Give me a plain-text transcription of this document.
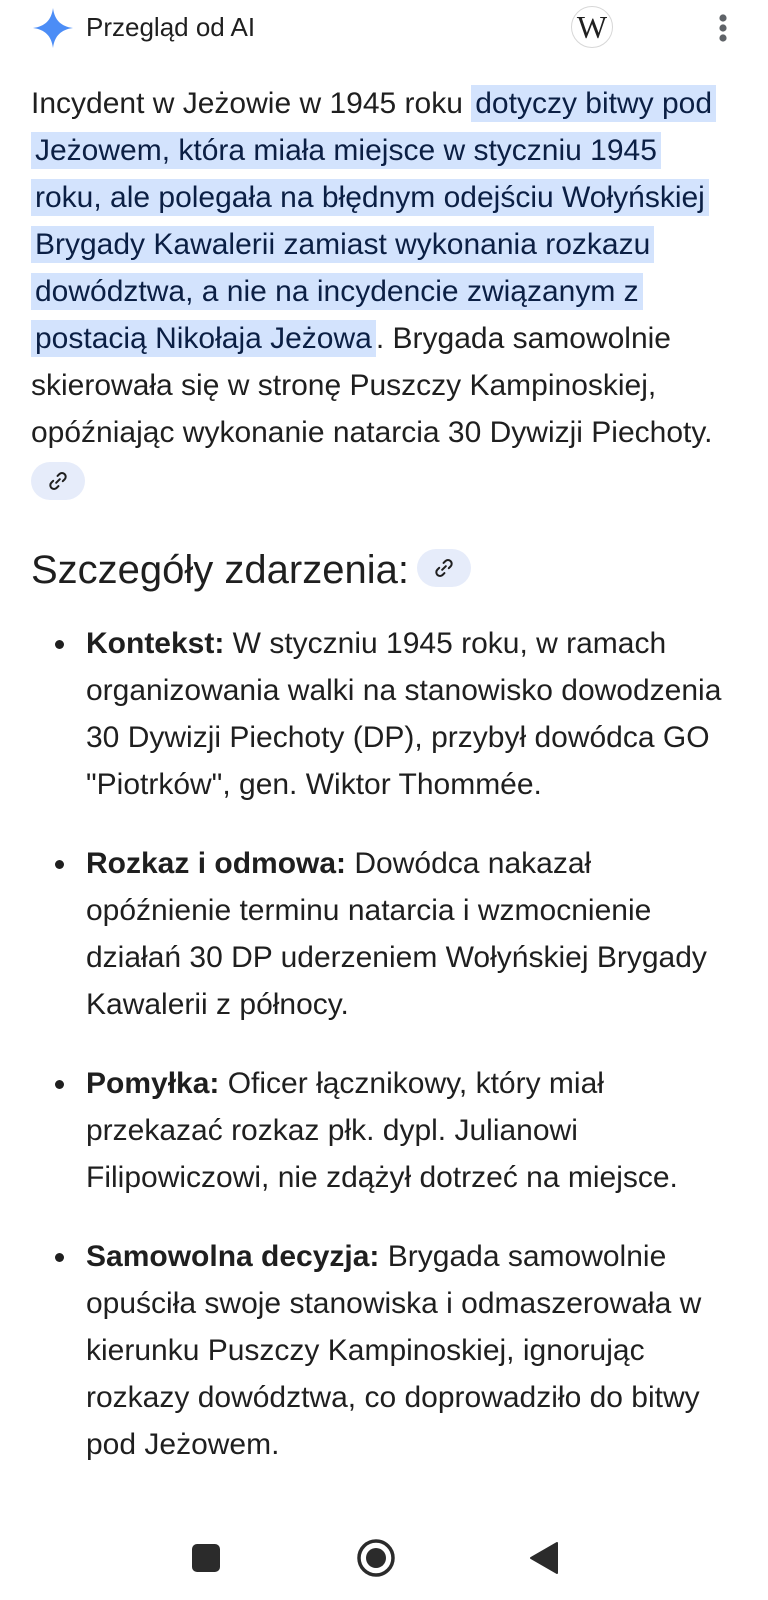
Przegląd od AI	W
Incydent w Jeżowie w 1945 roku dotyczy bitwy pod Jeżowem, która miała miejsce w styczniu 1945 roku, ale polegała na błędnym odejściu Wołyńskiej Brygady Kawalerii zamiast wykonania rozkazu dowództwa, a nie na incydencie związanym z postacią Nikołaja Jeżowa . Brygada samowolnie skierowała się w stronę Puszczy Kampinoskiej, opóźniając wykonanie natarcia 30 Dywizji Piechoty.
Szczegóły zdarzenia:
Kontekst: W styczniu 1945 roku, w ramach organizowania walki na stanowisko dowodzenia 30 Dywizji Piechoty (DP), przybył dowódca GO "Piotrków", gen. Wiktor Thommée.
Rozkaz i odmowa: Dowódca nakazał opóźnienie terminu natarcia i wzmocnienie działań 30 DP uderzeniem Wołyńskiej Brygady Kawalerii z północy.
Pomyłka: Oficer łącznikowy, który miał przekazać rozkaz płk. dypl. Julianowi Filipowiczowi, nie zdążył dotrzeć na miejsce.
Samowolna decyzja: Brygada samowolnie opuściła swoje stanowiska i odmaszerowała w kierunku Puszczy Kampinoskiej, ignorując rozkazy dowództwa, co doprowadziło do bitwy pod Jeżowem.
